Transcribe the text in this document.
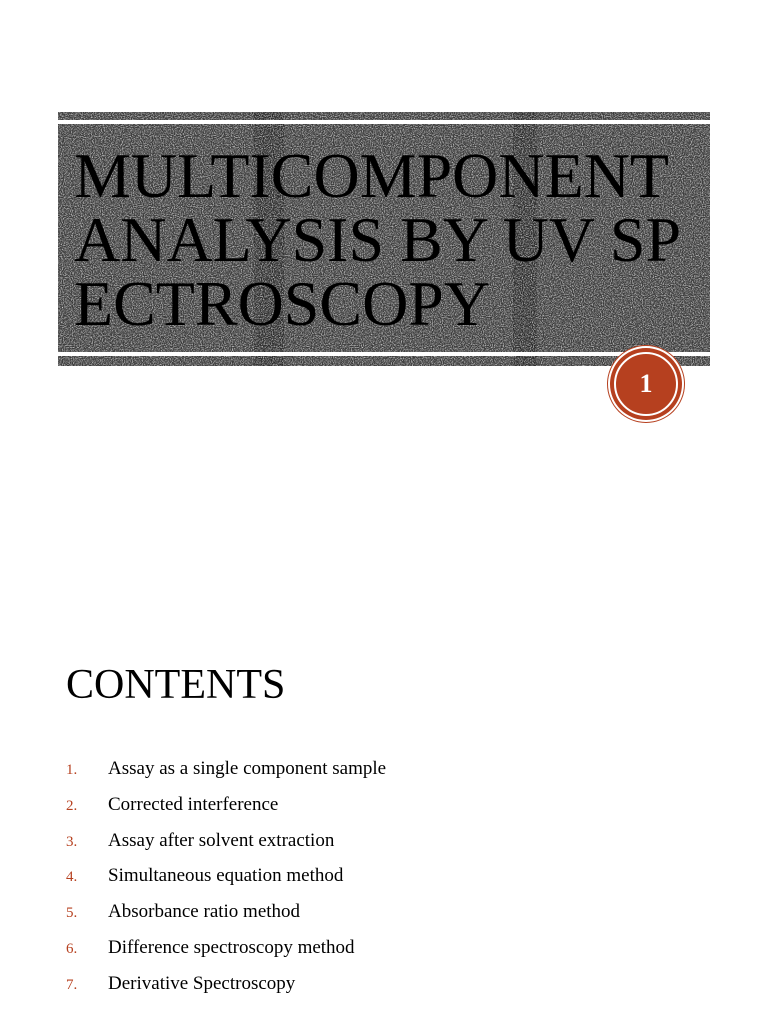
MULTICOMPONENT ANALYSIS BY UV SPECTROSCOPY
1
CONTENTS
1. Assay as a single component sample
2. Corrected interference
3. Assay after solvent extraction
4. Simultaneous equation method
5. Absorbance ratio method
6. Difference spectroscopy method
7. Derivative Spectroscopy
